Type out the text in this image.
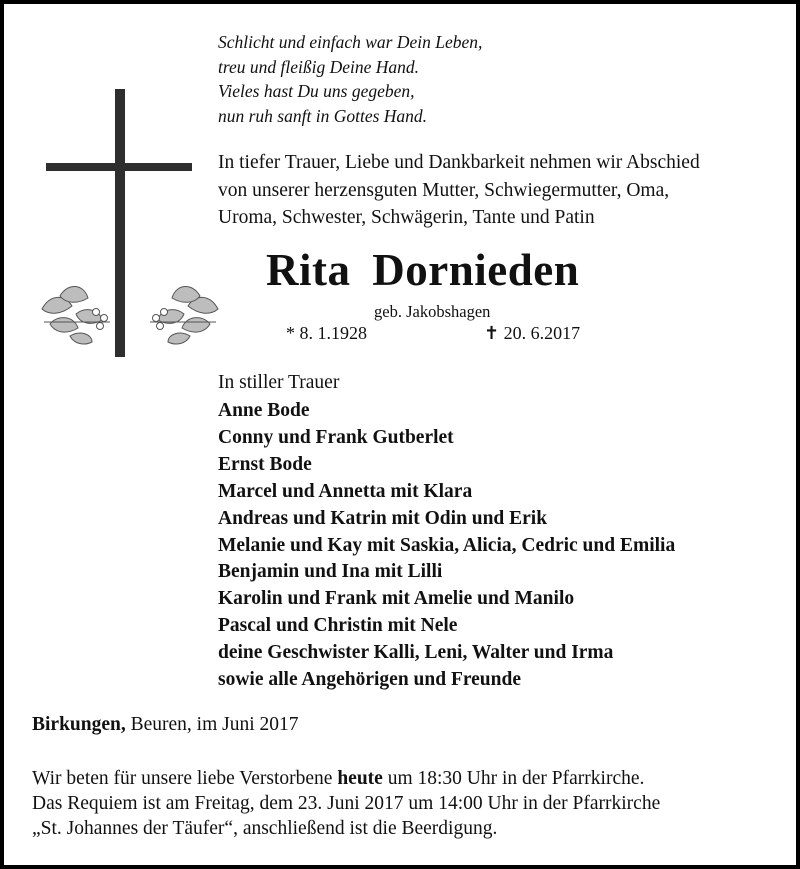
Schlicht und einfach war Dein Leben,
treu und fleißig Deine Hand.
Vieles hast Du uns gegeben,
nun ruh sanft in Gottes Hand.
In tiefer Trauer, Liebe und Dankbarkeit nehmen wir Abschied
von unserer herzensguten Mutter, Schwiegermutter, Oma,
Uroma, Schwester, Schwägerin, Tante und Patin
Rita Dornieden
geb. Jakobshagen
* 8. 1.1928	✝ 20. 6.2017
In stiller Trauer
Anne Bode
Conny und Frank Gutberlet
Ernst Bode
Marcel und Annetta mit Klara
Andreas und Katrin mit Odin und Erik
Melanie und Kay mit Saskia, Alicia, Cedric und Emilia
Benjamin und Ina mit Lilli
Karolin und Frank mit Amelie und Manilo
Pascal und Christin mit Nele
deine Geschwister Kalli, Leni, Walter und Irma
sowie alle Angehörigen und Freunde
Birkungen, Beuren, im Juni 2017
Wir beten für unsere liebe Verstorbene heute um 18:30 Uhr in der Pfarrkirche.
Das Requiem ist am Freitag, dem 23. Juni 2017 um 14:00 Uhr in der Pfarrkirche
„St. Johannes der Täufer“, anschließend ist die Beerdigung.
